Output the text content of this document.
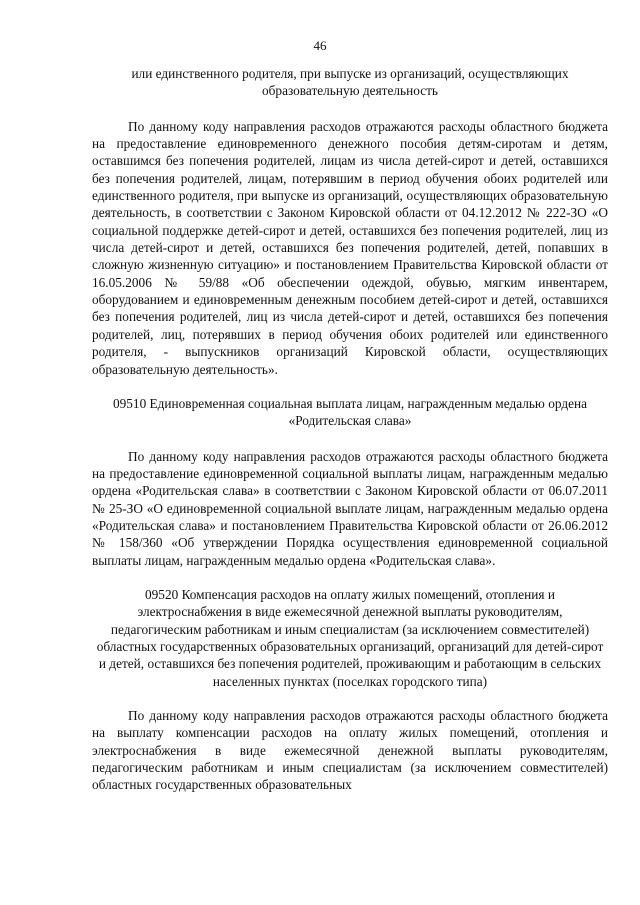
46

или единственного родителя, при выпуске из организаций, осуществляющих образовательную деятельность

По данному коду направления расходов отражаются расходы областного бюджета на предоставление единовременного денежного пособия детям-сиротам и детям, оставшимся без попечения родителей, лицам из числа детей-сирот и детей, оставшихся без попечения родителей, лицам, потерявшим в период обучения обоих родителей или единственного родителя, при выпуске из организаций, осуществляющих образовательную деятельность, в соответствии с Законом Кировской области от 04.12.2012 № 222-ЗО «О социальной поддержке детей-сирот и детей, оставшихся без попечения родителей, лиц из числа детей-сирот и детей, оставшихся без попечения родителей, детей, попавших в сложную жизненную ситуацию» и постановлением Правительства Кировской области от 16.05.2006 № 59/88 «Об обеспечении одеждой, обувью, мягким инвентарем, оборудованием и единовременным денежным пособием детей-сирот и детей, оставшихся без попечения родителей, лиц из числа детей-сирот и детей, оставшихся без попечения родителей, лиц, потерявших в период обучения обоих родителей или единственного родителя, - выпускников организаций Кировской области, осуществляющих образовательную деятельность».

09510 Единовременная социальная выплата лицам, награжденным медалью ордена «Родительская слава»

По данному коду направления расходов отражаются расходы областного бюджета на предоставление единовременной социальной выплаты лицам, награжденным медалью ордена «Родительская слава» в соответствии с Законом Кировской области от 06.07.2011 № 25-ЗО «О единовременной социальной выплате лицам, награжденным медалью ордена «Родительская слава» и постановлением Правительства Кировской области от 26.06.2012 № 158/360 «Об утверждении Порядка осуществления единовременной социальной выплаты лицам, награжденным медалью ордена «Родительская слава».

09520 Компенсация расходов на оплату жилых помещений, отопления и электроснабжения в виде ежемесячной денежной выплаты руководителям, педагогическим работникам и иным специалистам (за исключением совместителей) областных государственных образовательных организаций, организаций для детей-сирот и детей, оставшихся без попечения родителей, проживающим и работающим в сельских населенных пунктах (поселках городского типа)

По данному коду направления расходов отражаются расходы областного бюджета на выплату компенсации расходов на оплату жилых помещений, отопления и электроснабжения в виде ежемесячной денежной выплаты руководителям, педагогическим работникам и иным специалистам (за исключением совместителей) областных государственных образовательных
